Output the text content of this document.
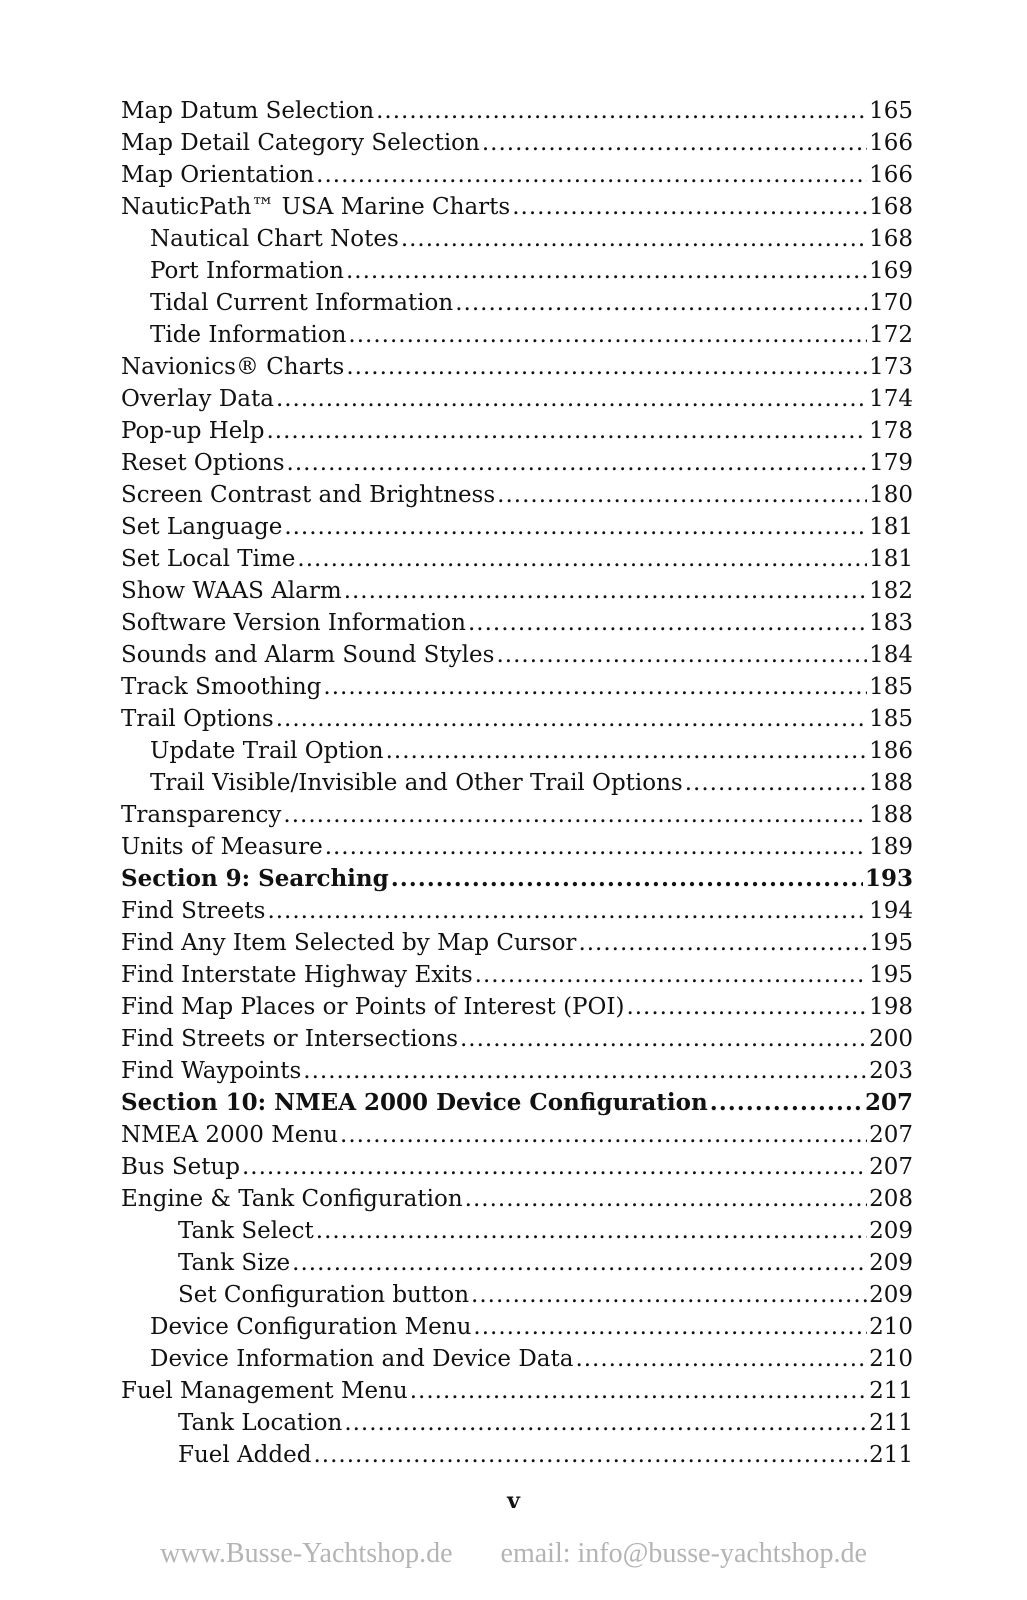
Map Datum Selection .....	165
Map Detail Category Selection .....	166
Map Orientation .....	166
NauticPath™ USA Marine Charts .....	168
Nautical Chart Notes .....	168
Port Information .....	169
Tidal Current Information .....	170
Tide Information .....	172
Navionics® Charts .....	173
Overlay Data .....	174
Pop-up Help .....	178
Reset Options .....	179
Screen Contrast and Brightness .....	180
Set Language .....	181
Set Local Time .....	181
Show WAAS Alarm .....	182
Software Version Information .....	183
Sounds and Alarm Sound Styles .....	184
Track Smoothing .....	185
Trail Options .....	185
Update Trail Option .....	186
Trail Visible/Invisible and Other Trail Options .....	188
Transparency .....	188
Units of Measure .....	189
Section 9: Searching .....	193
Find Streets .....	194
Find Any Item Selected by Map Cursor .....	195
Find Interstate Highway Exits .....	195
Find Map Places or Points of Interest (POI) .....	198
Find Streets or Intersections .....	200
Find Waypoints .....	203
Section 10: NMEA 2000 Device Configuration .....	207
NMEA 2000 Menu .....	207
Bus Setup .....	207
Engine & Tank Configuration .....	208
Tank Select .....	209
Tank Size .....	209
Set Configuration button .....	209
Device Configuration Menu .....	210
Device Information and Device Data .....	210
Fuel Management Menu .....	211
Tank Location .....	211
Fuel Added .....	211
v
www.Busse-Yachtshop.de email: info@busse-yachtshop.de
